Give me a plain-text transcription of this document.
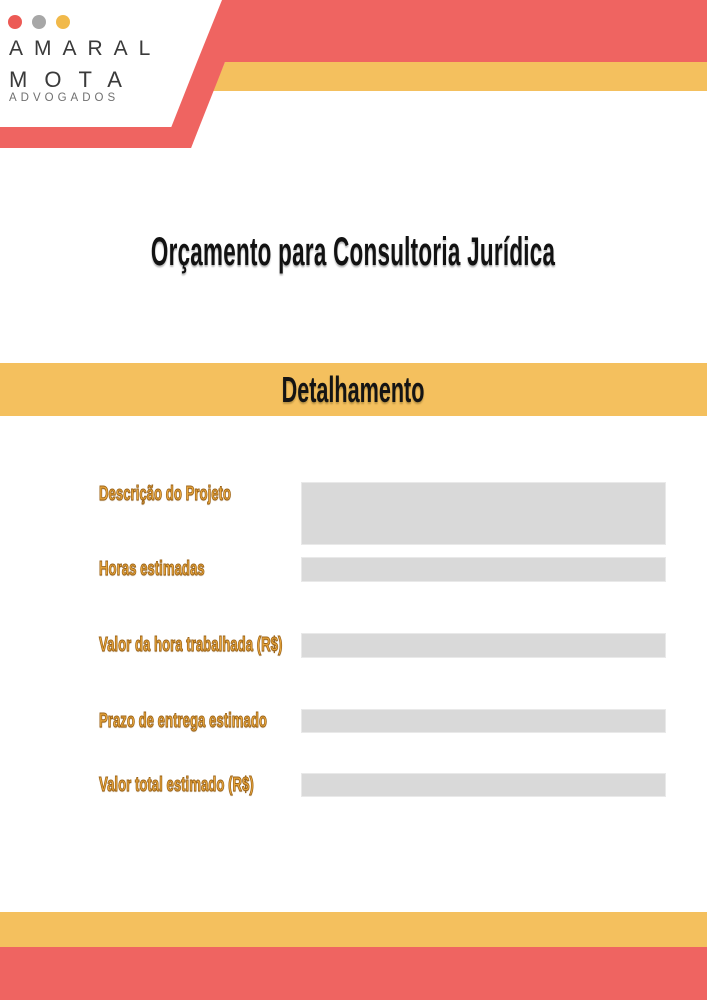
AMARAL
MOTA
ADVOGADOS
Orçamento para Consultoria Jurídica
Detalhamento
Descrição do Projeto
Horas estimadas
Valor da hora trabalhada (R$)
Prazo de entrega estimado
Valor total estimado (R$)
